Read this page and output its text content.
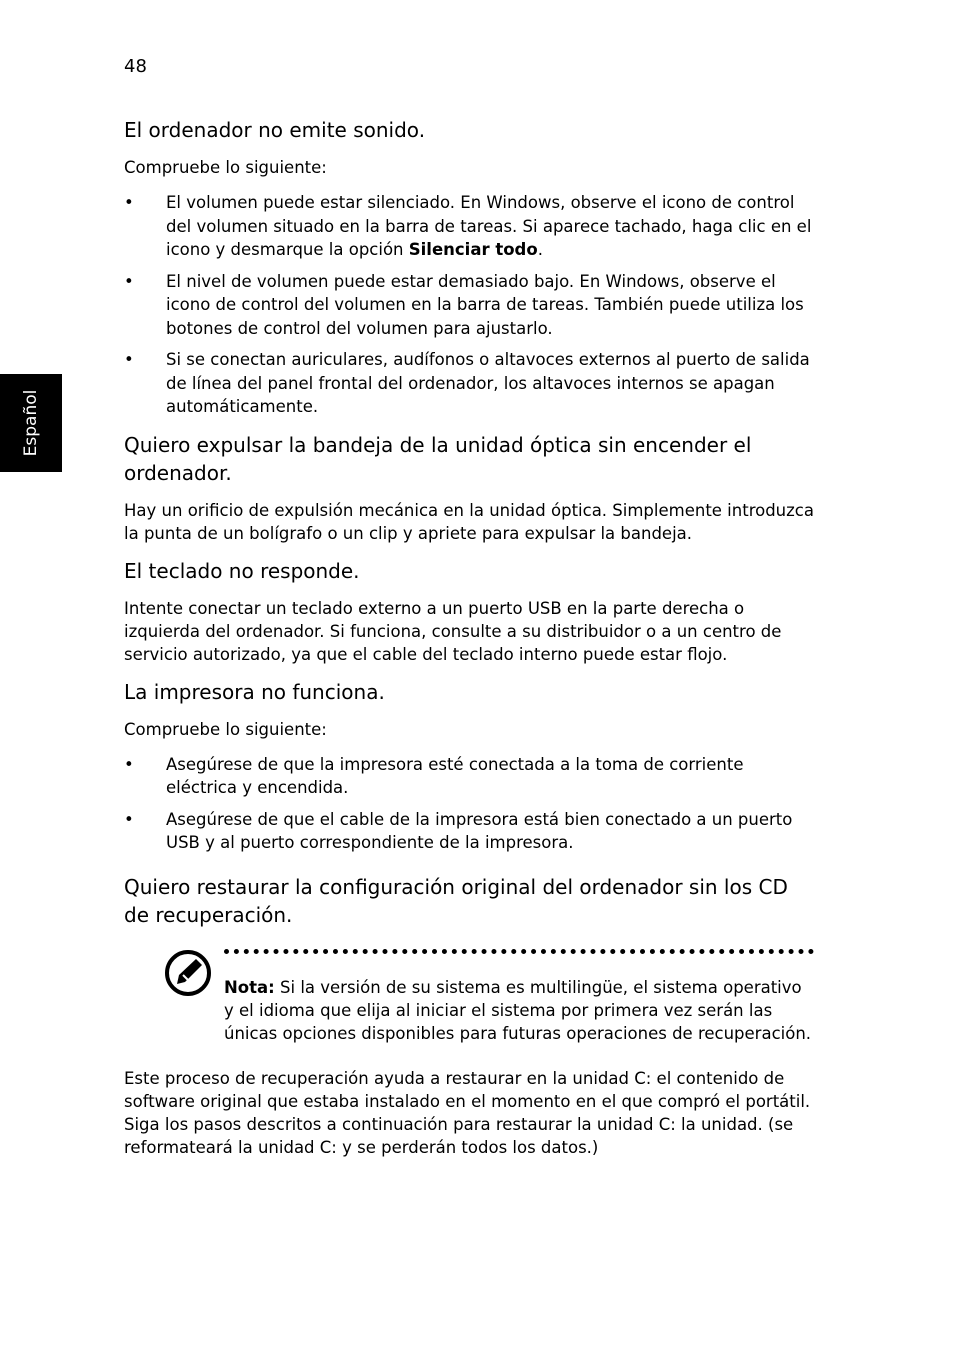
48
Español
El ordenador no emite sonido.

Compruebe lo siguiente:

• El volumen puede estar silenciado. En Windows, observe el icono de control del volumen situado en la barra de tareas. Si aparece tachado, haga clic en el icono y desmarque la opción Silenciar todo.
• El nivel de volumen puede estar demasiado bajo. En Windows, observe el icono de control del volumen en la barra de tareas. También puede utiliza los botones de control del volumen para ajustarlo.
• Si se conectan auriculares, audífonos o altavoces externos al puerto de salida de línea del panel frontal del ordenador, los altavoces internos se apagan automáticamente.
Quiero expulsar la bandeja de la unidad óptica sin encender el ordenador.

Hay un orificio de expulsión mecánica en la unidad óptica. Simplemente introduzca la punta de un bolígrafo o un clip y apriete para expulsar la bandeja.

El teclado no responde.

Intente conectar un teclado externo a un puerto USB en la parte derecha o izquierda del ordenador. Si funciona, consulte a su distribuidor o a un centro de servicio autorizado, ya que el cable del teclado interno puede estar flojo.

La impresora no funciona.

Compruebe lo siguiente:

• Asegúrese de que la impresora esté conectada a la toma de corriente eléctrica y encendida.
• Asegúrese de que el cable de la impresora está bien conectado a un puerto USB y al puerto correspondiente de la impresora.
Quiero restaurar la configuración original del ordenador sin los CD de recuperación.

Nota: Si la versión de su sistema es multilingüe, el sistema operativo y el idioma que elija al iniciar el sistema por primera vez serán las únicas opciones disponibles para futuras operaciones de recuperación.

Este proceso de recuperación ayuda a restaurar en la unidad C: el contenido de software original que estaba instalado en el momento en el que compró el portátil. Siga los pasos descritos a continuación para restaurar la unidad C: la unidad. (se reformateará la unidad C: y se perderán todos los datos.)
